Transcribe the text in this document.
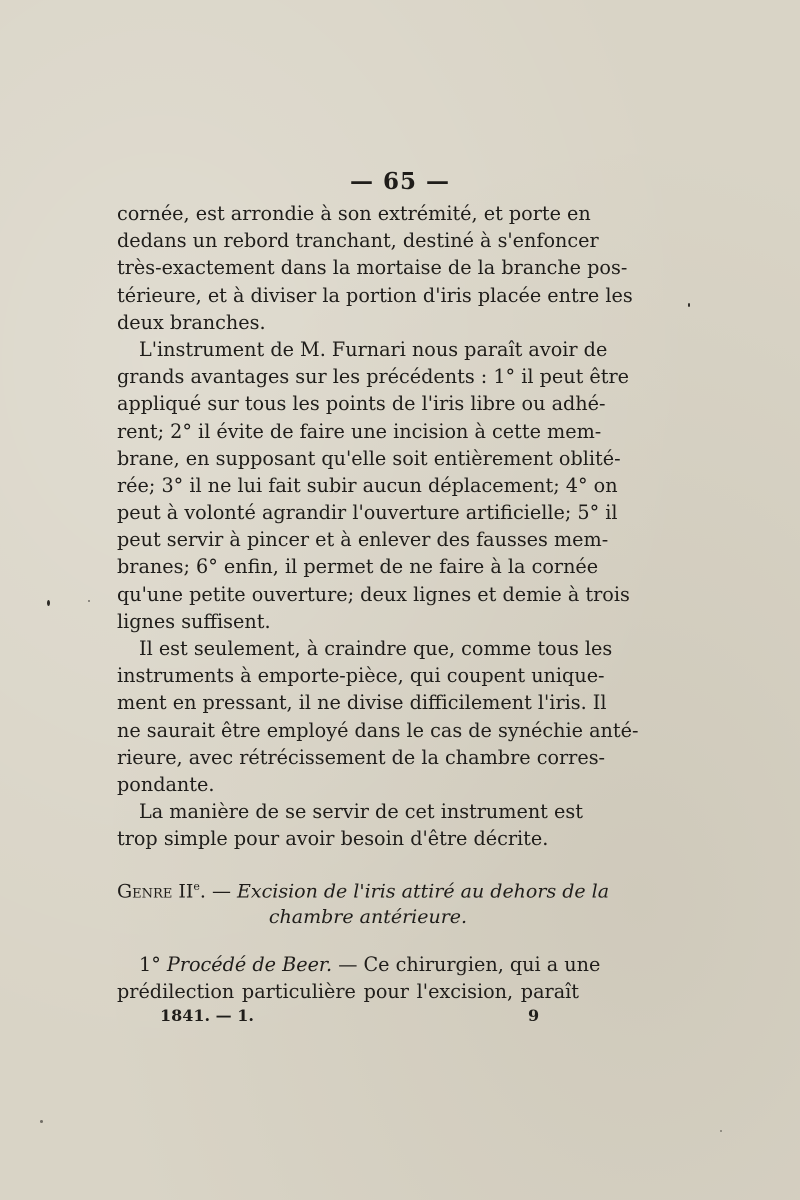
— 65 —
cornée, est arrondie à son extrémité, et porte en
dedans un rebord tranchant, destiné à s'enfoncer
très-exactement dans la mortaise de la branche pos-
térieure, et à diviser la portion d'iris placée entre les
deux branches.
L'instrument de M. Furnari nous paraît avoir de
grands avantages sur les précédents : 1° il peut être
appliqué sur tous les points de l'iris libre ou adhé-
rent; 2° il évite de faire une incision à cette mem-
brane, en supposant qu'elle soit entièrement oblité-
rée; 3° il ne lui fait subir aucun déplacement; 4° on
peut à volonté agrandir l'ouverture artificielle; 5° il
peut servir à pincer et à enlever des fausses mem-
branes; 6° enfin, il permet de ne faire à la cornée
qu'une petite ouverture; deux lignes et demie à trois
lignes suffisent.
Il est seulement, à craindre que, comme tous les
instruments à emporte-pièce, qui coupent unique-
ment en pressant, il ne divise difficilement l'iris. Il
ne saurait être employé dans le cas de synéchie anté-
rieure, avec rétrécissement de la chambre corres-
pondante.
La manière de se servir de cet instrument est
trop simple pour avoir besoin d'être décrite.
Genre IIe. — Excision de l'iris attiré au dehors de la
chambre antérieure.
1° Procédé de Beer. — Ce chirurgien, qui a une
prédilection particulière pour l'excision, paraît
1841. — 1.	9
